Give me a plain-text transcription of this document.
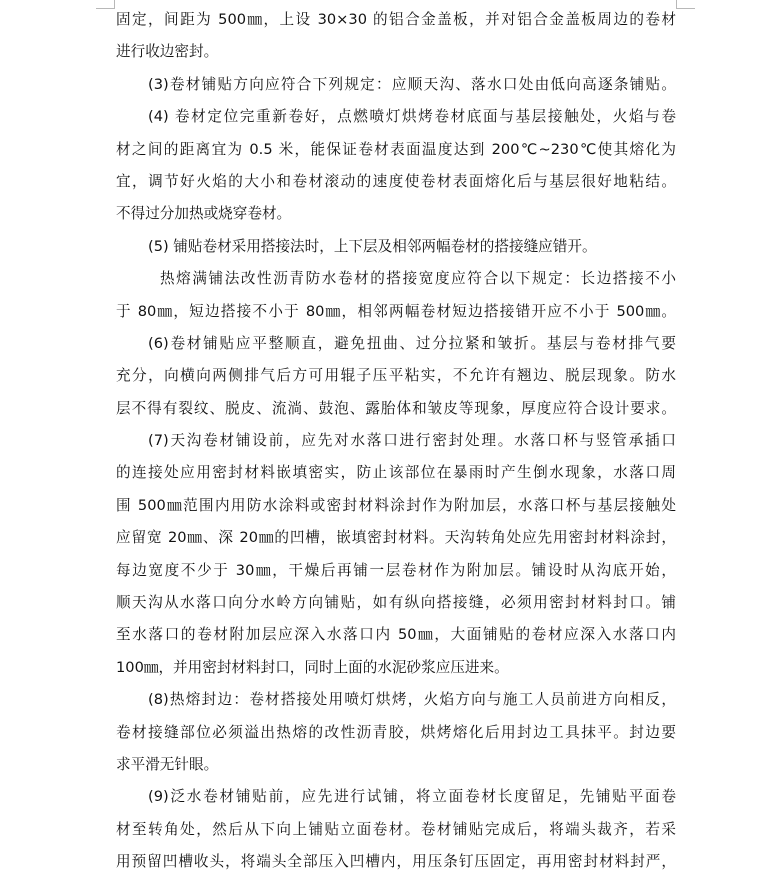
固定，间距为 500㎜，上设 30×30 的铝合金盖板，并对铝合金盖板周边的卷材
进行收边密封。
(3)卷材铺贴方向应符合下列规定：应顺天沟、落水口处由低向高逐条铺贴。
(4) 卷材定位完重新卷好，点燃喷灯烘烤卷材底面与基层接触处，火焰与卷
材之间的距离宜为 0.5 米，能保证卷材表面温度达到 200℃~230℃使其熔化为
宜，调节好火焰的大小和卷材滚动的速度使卷材表面熔化后与基层很好地粘结。
不得过分加热或烧穿卷材。
(5) 铺贴卷材采用搭接法时，上下层及相邻两幅卷材的搭接缝应错开。
热熔满铺法改性沥青防水卷材的搭接宽度应符合以下规定：长边搭接不小
于 80㎜，短边搭接不小于 80㎜，相邻两幅卷材短边搭接错开应不小于 500㎜。
(6)卷材铺贴应平整顺直，避免扭曲、过分拉紧和皱折。基层与卷材排气要
充分，向横向两侧排气后方可用辊子压平粘实，不允许有翘边、脱层现象。防水
层不得有裂纹、脱皮、流淌、鼓泡、露胎体和皱皮等现象，厚度应符合设计要求。
(7)天沟卷材铺设前，应先对水落口进行密封处理。水落口杯与竖管承插口
的连接处应用密封材料嵌填密实，防止该部位在暴雨时产生倒水现象，水落口周
围 500㎜范围内用防水涂料或密封材料涂封作为附加层，水落口杯与基层接触处
应留宽 20㎜、深 20㎜的凹槽，嵌填密封材料。天沟转角处应先用密封材料涂封，
每边宽度不少于 30㎜，干燥后再铺一层卷材作为附加层。铺设时从沟底开始，
顺天沟从水落口向分水岭方向铺贴，如有纵向搭接缝，必须用密封材料封口。铺
至水落口的卷材附加层应深入水落口内 50㎜，大面铺贴的卷材应深入水落口内
100㎜，并用密封材料封口，同时上面的水泥砂浆应压进来。
(8)热熔封边：卷材搭接处用喷灯烘烤，火焰方向与施工人员前进方向相反，
卷材接缝部位必须溢出热熔的改性沥青胶，烘烤熔化后用封边工具抹平。封边要
求平滑无针眼。
(9)泛水卷材铺贴前，应先进行试铺，将立面卷材长度留足，先铺贴平面卷
材至转角处，然后从下向上铺贴立面卷材。卷材铺贴完成后，将端头裁齐，若采
用预留凹槽收头，将端头全部压入凹槽内，用压条钉压固定，再用密封材料封严，
